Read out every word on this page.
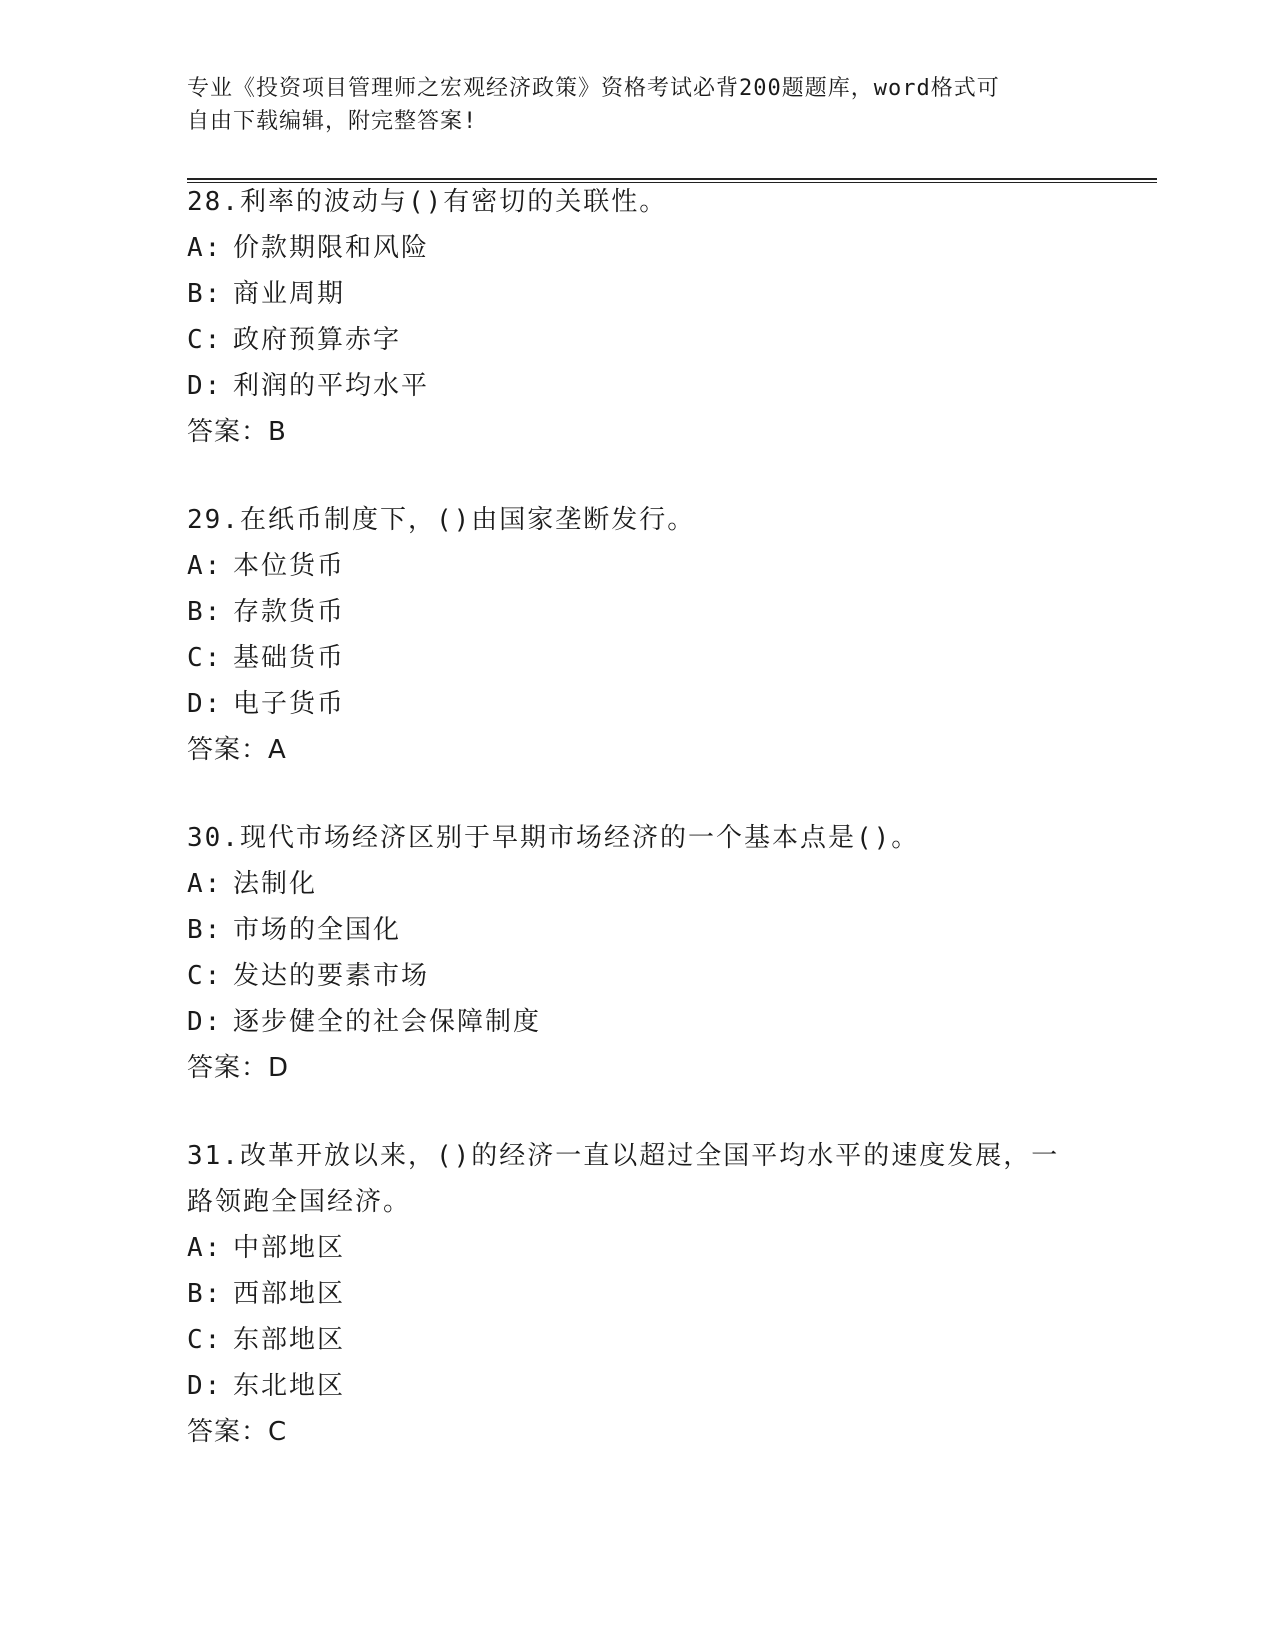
专业《投资项目管理师之宏观经济政策》资格考试必背200题题库，word格式可
自由下载编辑，附完整答案!
28.利率的波动与()有密切的关联性。
A: 价款期限和风险
B: 商业周期
C: 政府预算赤字
D: 利润的平均水平
答案：B
29.在纸币制度下，()由国家垄断发行。
A: 本位货币
B: 存款货币
C: 基础货币
D: 电子货币
答案：A
30.现代市场经济区别于早期市场经济的一个基本点是()。
A: 法制化
B: 市场的全国化
C: 发达的要素市场
D: 逐步健全的社会保障制度
答案：D
31.改革开放以来，()的经济一直以超过全国平均水平的速度发展，一
路领跑全国经济。
A: 中部地区
B: 西部地区
C: 东部地区
D: 东北地区
答案：C
